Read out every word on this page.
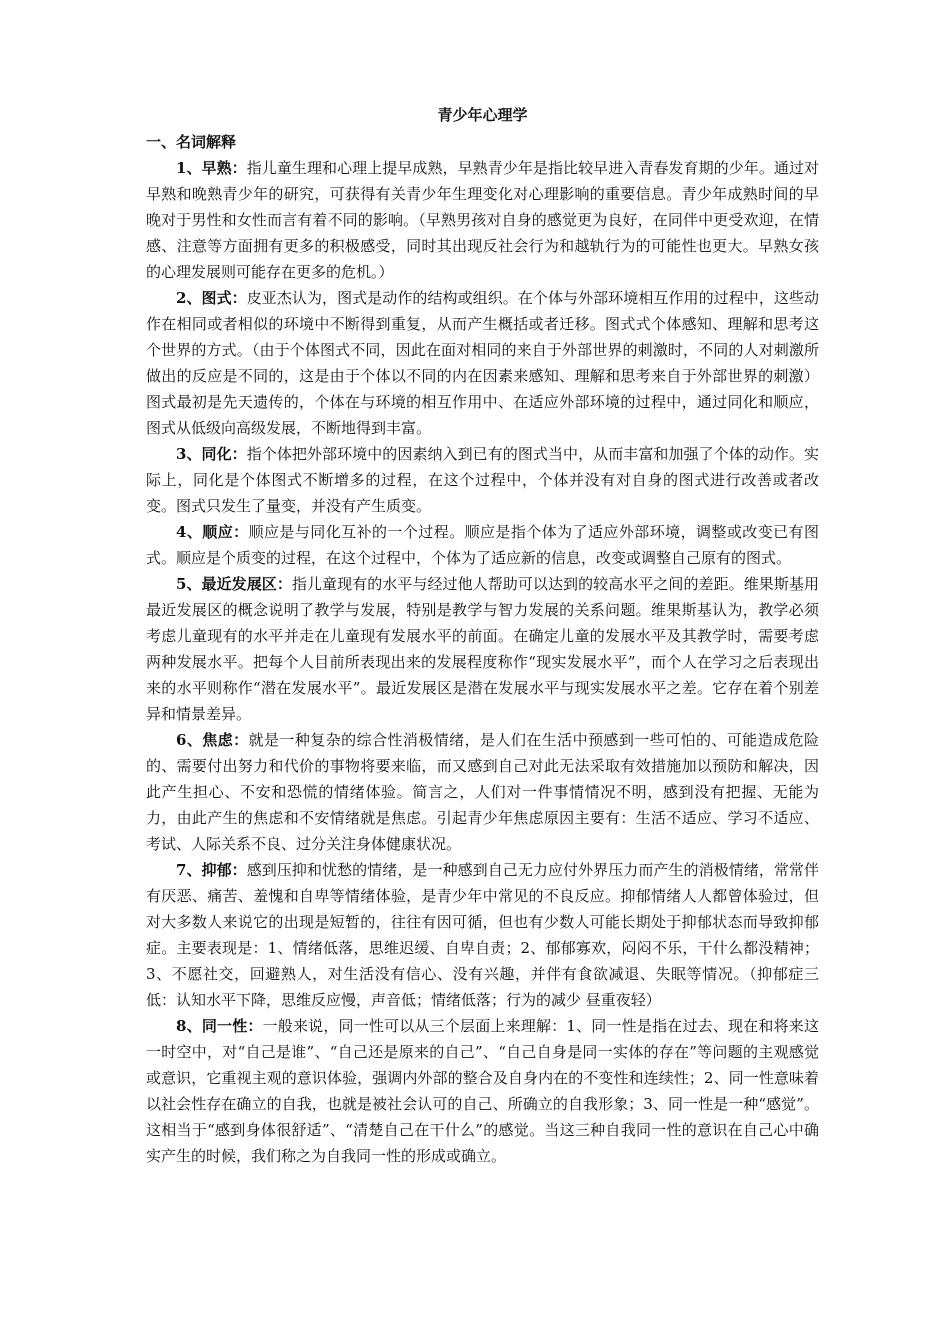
青少年心理学
一、名词解释

1、早熟：指儿童生理和心理上提早成熟，早熟青少年是指比较早进入青春发育期的少年。通过对早熟和晚熟青少年的研究，可获得有关青少年生理变化对心理影响的重要信息。青少年成熟时间的早晚对于男性和女性而言有着不同的影响。（早熟男孩对自身的感觉更为良好，在同伴中更受欢迎，在情感、注意等方面拥有更多的积极感受，同时其出现反社会行为和越轨行为的可能性也更大。早熟女孩的心理发展则可能存在更多的危机。）

2、图式：皮亚杰认为，图式是动作的结构或组织。在个体与外部环境相互作用的过程中，这些动作在相同或者相似的环境中不断得到重复，从而产生概括或者迁移。图式式个体感知、理解和思考这个世界的方式。（由于个体图式不同，因此在面对相同的来自于外部世界的刺激时，不同的人对刺激所做出的反应是不同的，这是由于个体以不同的内在因素来感知、理解和思考来自于外部世界的刺激）图式最初是先天遗传的，个体在与环境的相互作用中、在适应外部环境的过程中，通过同化和顺应，图式从低级向高级发展，不断地得到丰富。

3、同化：指个体把外部环境中的因素纳入到已有的图式当中，从而丰富和加强了个体的动作。实际上，同化是个体图式不断增多的过程，在这个过程中，个体并没有对自身的图式进行改善或者改变。图式只发生了量变，并没有产生质变。

4、顺应：顺应是与同化互补的一个过程。顺应是指个体为了适应外部环境，调整或改变已有图式。顺应是个质变的过程，在这个过程中，个体为了适应新的信息，改变或调整自己原有的图式。

5、最近发展区：指儿童现有的水平与经过他人帮助可以达到的较高水平之间的差距。维果斯基用最近发展区的概念说明了教学与发展，特别是教学与智力发展的关系问题。维果斯基认为，教学必须考虑儿童现有的水平并走在儿童现有发展水平的前面。在确定儿童的发展水平及其教学时，需要考虑两种发展水平。把每个人目前所表现出来的发展程度称作“现实发展水平”，而个人在学习之后表现出来的水平则称作“潜在发展水平”。最近发展区是潜在发展水平与现实发展水平之差。它存在着个别差异和情景差异。

6、焦虑：就是一种复杂的综合性消极情绪，是人们在生活中预感到一些可怕的、可能造成危险的、需要付出努力和代价的事物将要来临，而又感到自己对此无法采取有效措施加以预防和解决，因此产生担心、不安和恐慌的情绪体验。简言之，人们对一件事情情况不明，感到没有把握、无能为力，由此产生的焦虑和不安情绪就是焦虑。引起青少年焦虑原因主要有：生活不适应、学习不适应、考试、人际关系不良、过分关注身体健康状况。

7、抑郁：感到压抑和忧愁的情绪，是一种感到自己无力应付外界压力而产生的消极情绪，常常伴有厌恶、痛苦、羞愧和自卑等情绪体验，是青少年中常见的不良反应。抑郁情绪人人都曾体验过，但对大多数人来说它的出现是短暂的，往往有因可循，但也有少数人可能长期处于抑郁状态而导致抑郁症。主要表现是：1、情绪低落，思维迟缓、自卑自责；2、郁郁寡欢，闷闷不乐，干什么都没精神；3、不愿社交，回避熟人，对生活没有信心、没有兴趣，并伴有食欲减退、失眠等情况。（抑郁症三低：认知水平下降，思维反应慢，声音低；情绪低落；行为的减少 昼重夜轻）

8、同一性：一般来说，同一性可以从三个层面上来理解：1、同一性是指在过去、现在和将来这一时空中，对“自己是谁”、“自己还是原来的自己”、“自己自身是同一实体的存在”等问题的主观感觉或意识，它重视主观的意识体验，强调内外部的整合及自身内在的不变性和连续性；2、同一性意味着以社会性存在确立的自我，也就是被社会认可的自己、所确立的自我形象；3、同一性是一种“感觉”。这相当于“感到身体很舒适”、“清楚自己在干什么”的感觉。当这三种自我同一性的意识在自己心中确实产生的时候，我们称之为自我同一性的形成或确立。
